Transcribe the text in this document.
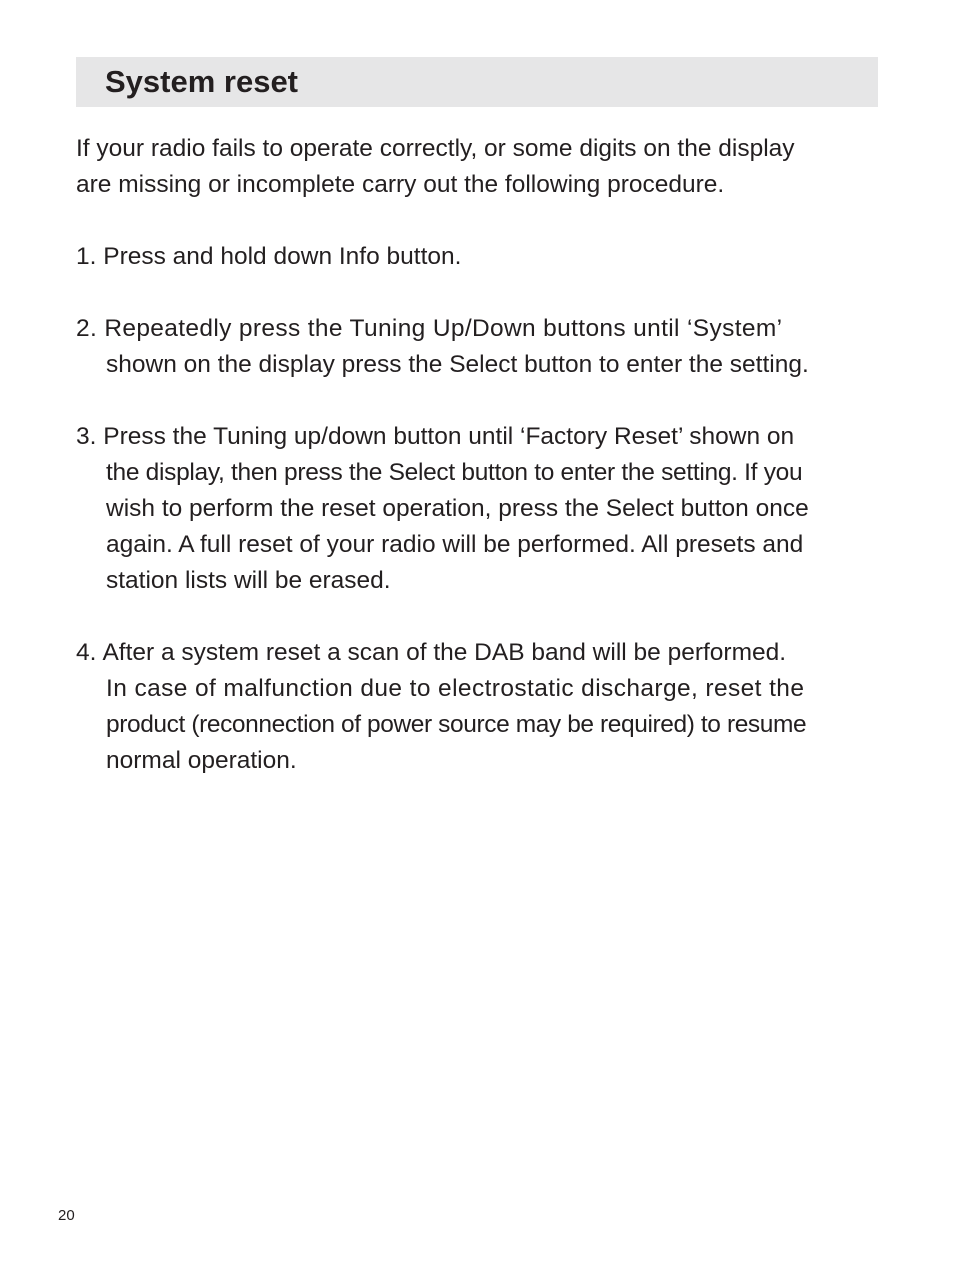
System reset

If your radio fails to operate correctly, or some digits on the display
are missing or incomplete carry out the following procedure.

1. Press and hold down Info button.
2. Repeatedly press the Tuning Up/Down buttons until ‘System’
shown on the display press the Select button to enter the setting.
3. Press the Tuning up/down button until ‘Factory Reset’ shown on
the display, then press the Select button to enter the setting. If you
wish to perform the reset operation, press the Select button once
again. A full reset of your radio will be performed. All presets and
station lists will be erased.
4. After a system reset a scan of the DAB band will be performed.
In case of malfunction due to electrostatic discharge, reset the
product (reconnection of power source may be required) to resume
normal operation.
20
